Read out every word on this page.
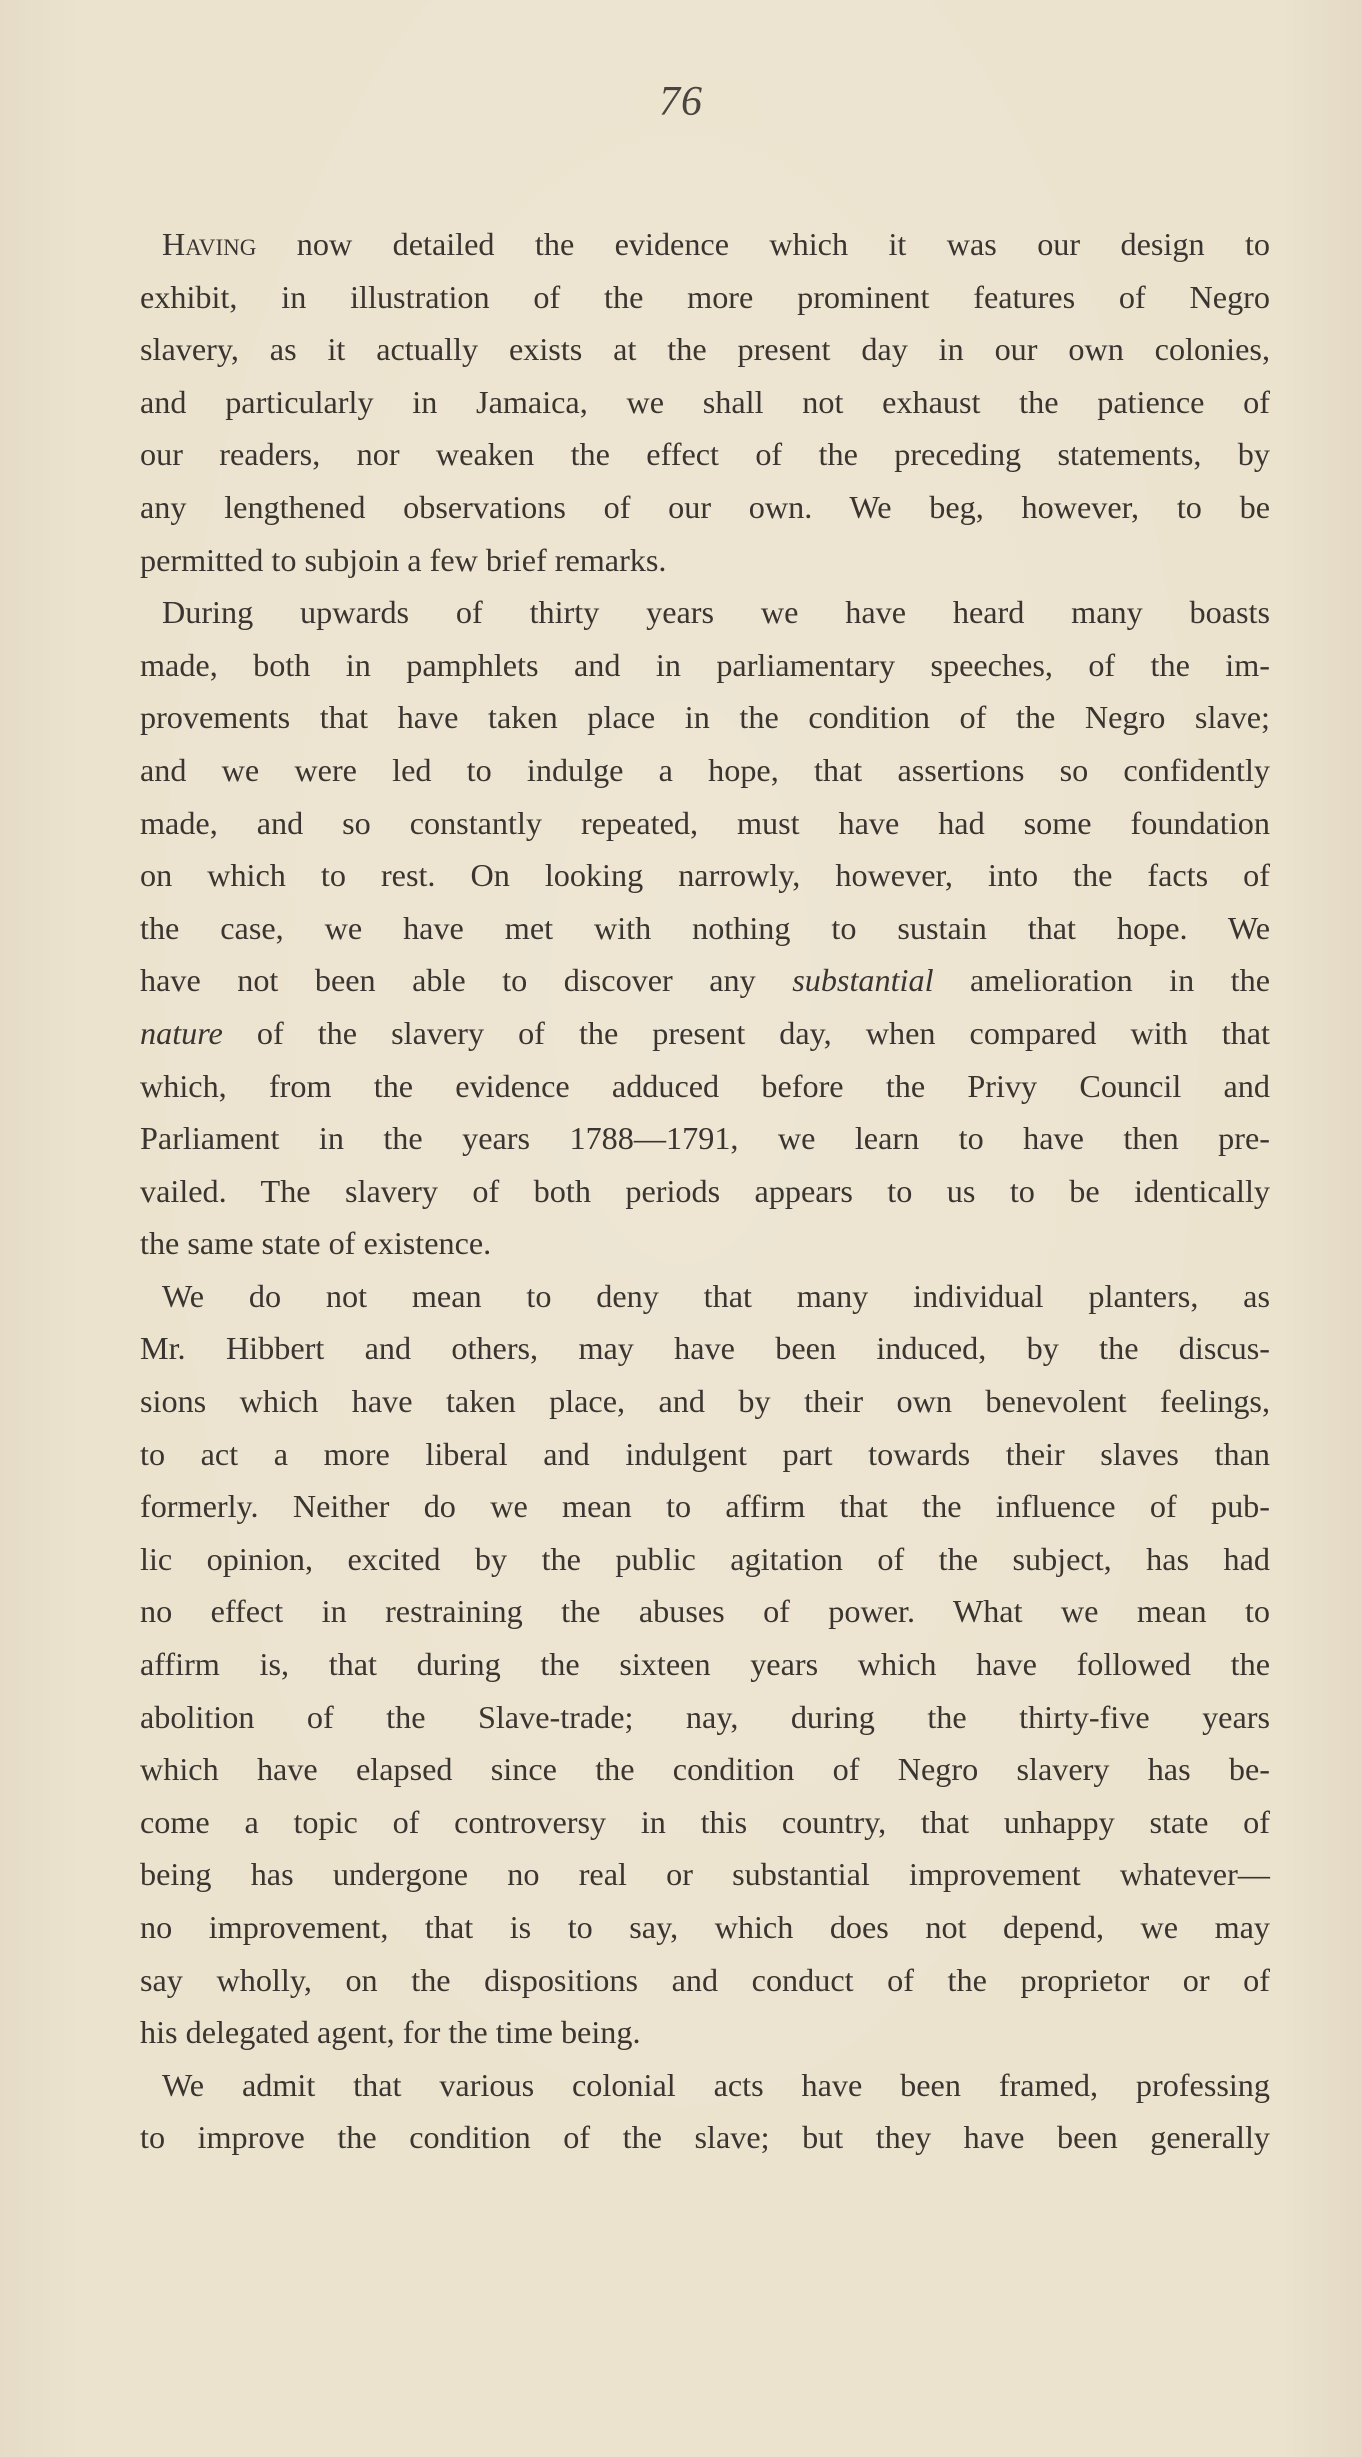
76

Having now detailed the evidence which it was our design to
exhibit, in illustration of the more prominent features of Negro
slavery, as it actually exists at the present day in our own colonies,
and particularly in Jamaica, we shall not exhaust the patience of
our readers, nor weaken the effect of the preceding statements, by
any lengthened observations of our own. We beg, however, to be
permitted to subjoin a few brief remarks.

During upwards of thirty years we have heard many boasts
made, both in pamphlets and in parliamentary speeches, of the im-
provements that have taken place in the condition of the Negro slave;
and we were led to indulge a hope, that assertions so confidently
made, and so constantly repeated, must have had some foundation
on which to rest. On looking narrowly, however, into the facts of
the case, we have met with nothing to sustain that hope. We
have not been able to discover any substantial amelioration in the
nature of the slavery of the present day, when compared with that
which, from the evidence adduced before the Privy Council and
Parliament in the years 1788—1791, we learn to have then pre-
vailed. The slavery of both periods appears to us to be identically
the same state of existence.

We do not mean to deny that many individual planters, as
Mr. Hibbert and others, may have been induced, by the discus-
sions which have taken place, and by their own benevolent feelings,
to act a more liberal and indulgent part towards their slaves than
formerly. Neither do we mean to affirm that the influence of pub-
lic opinion, excited by the public agitation of the subject, has had
no effect in restraining the abuses of power. What we mean to
affirm is, that during the sixteen years which have followed the
abolition of the Slave-trade; nay, during the thirty-five years
which have elapsed since the condition of Negro slavery has be-
come a topic of controversy in this country, that unhappy state of
being has undergone no real or substantial improvement whatever—
no improvement, that is to say, which does not depend, we may
say wholly, on the dispositions and conduct of the proprietor or of
his delegated agent, for the time being.

We admit that various colonial acts have been framed, professing
to improve the condition of the slave; but they have been generally
